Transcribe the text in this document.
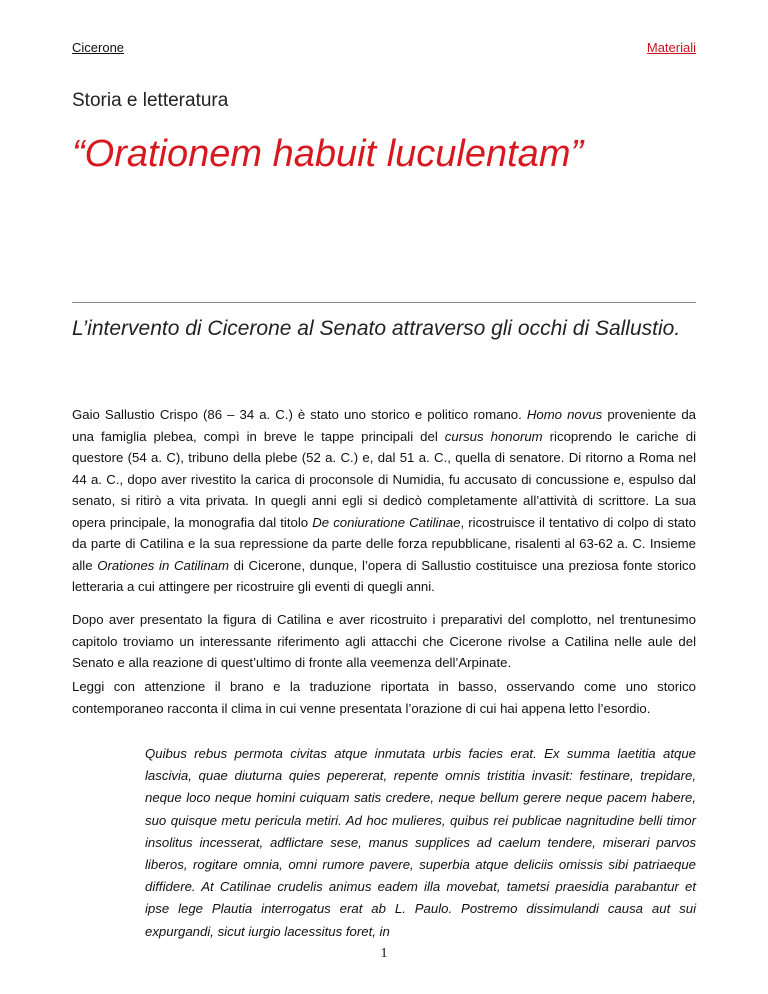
Cicerone	Materiali
Storia e letteratura
“Orationem habuit luculentam”
L’intervento di Cicerone al Senato attraverso gli occhi di Sallustio.
Gaio Sallustio Crispo (86 – 34 a. C.) è stato uno storico e politico romano. Homo novus proveniente da una famiglia plebea, compì in breve le tappe principali del cursus honorum ricoprendo le cariche di questore (54 a. C), tribuno della plebe (52 a. C.) e, dal 51 a. C., quella di senatore. Di ritorno a Roma nel 44 a. C., dopo aver rivestito la carica di proconsole di Numidia, fu accusato di concussione e, espulso dal senato, si ritirò a vita privata. In quegli anni egli si dedicò completamente all’attività di scrittore. La sua opera principale, la monografia dal titolo De coniuratione Catilinae, ricostruisce il tentativo di colpo di stato da parte di Catilina e la sua repressione da parte delle forza repubblicane, risalenti al 63-62 a. C. Insieme alle Orationes in Catilinam di Cicerone, dunque, l’opera di Sallustio costituisce una preziosa fonte storico letteraria a cui attingere per ricostruire gli eventi di quegli anni.
Dopo aver presentato la figura di Catilina e aver ricostruito i preparativi del complotto, nel trentunesimo capitolo troviamo un interessante riferimento agli attacchi che Cicerone rivolse a Catilina nelle aule del Senato e alla reazione di quest’ultimo di fronte alla veemenza dell’Arpinate.
Leggi con attenzione il brano e la traduzione riportata in basso, osservando come uno storico contemporaneo racconta il clima in cui venne presentata l’orazione di cui hai appena letto l’esordio.
Quibus rebus permota civitas atque inmutata urbis facies erat. Ex summa laetitia atque lascivia, quae diuturna quies pepererat, repente omnis tristitia invasit: festinare, trepidare, neque loco neque homini cuiquam satis credere, neque bellum gerere neque pacem habere, suo quisque metu pericula metiri. Ad hoc mulieres, quibus rei publicae nagnitudine belli timor insolitus incesserat, adflictare sese, manus supplices ad caelum tendere, miserari parvos liberos, rogitare omnia, omni rumore pavere, superbia atque deliciis omissis sibi patriaeque diffidere. At Catilinae crudelis animus eadem illa movebat, tametsi praesidia parabantur et ipse lege Plautia interrogatus erat ab L. Paulo. Postremo dissimulandi causa aut sui expurgandi, sicut iurgio lacessitus foret, in
1
